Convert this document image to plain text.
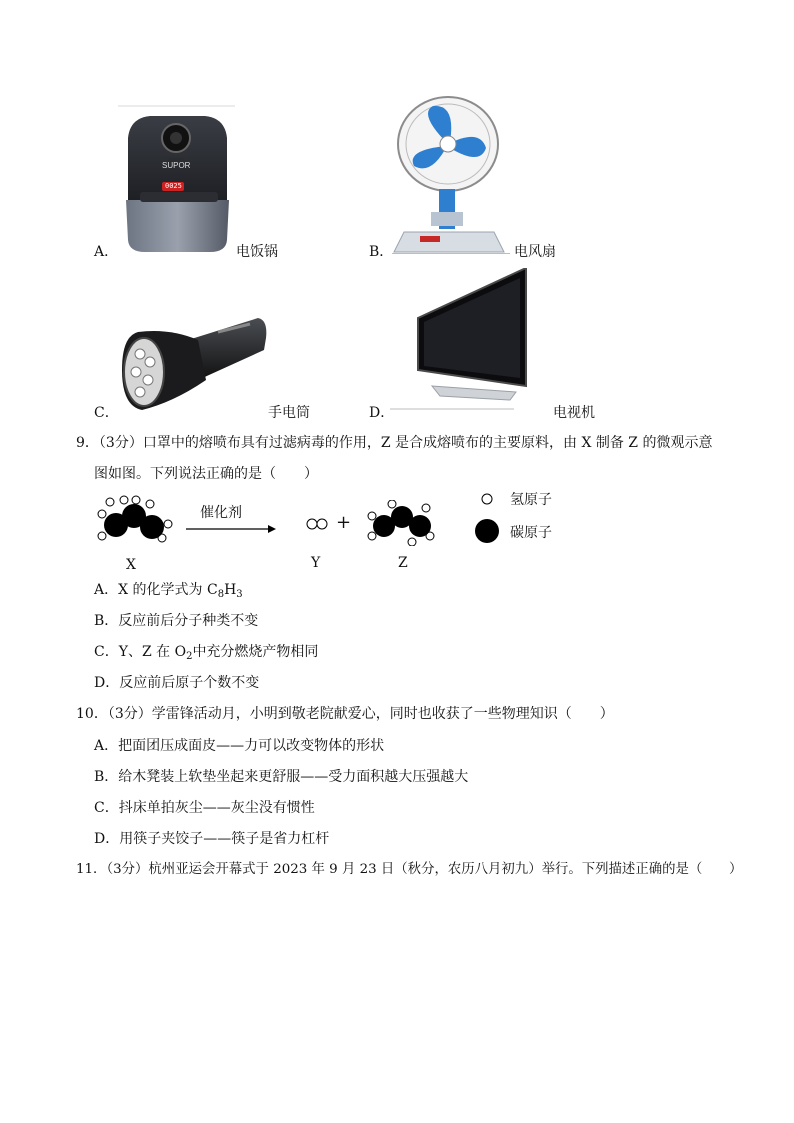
SUPOR
0025
A．	电饭锅	B．	电风扇
C．	手电筒	D．	电视机
9．（3分）口罩中的熔喷布具有过滤病毒的作用，Z 是合成熔喷布的主要原料，由 X 制备 Z 的微观示意
图如图。下列说法正确的是（　　）
X
催化剂
Y
+
Z
氢原子
碳原子
A．X 的化学式为 $C_8H_3$
B．反应前后分子种类不变
C．Y、Z 在 $O_2$中充分燃烧产物相同
D．反应前后原子个数不变
10．（3分）学雷锋活动月，小明到敬老院献爱心，同时也收获了一些物理知识（　　）
A．把面团压成面皮——力可以改变物体的形状
B．给木凳装上软垫坐起来更舒服——受力面积越大压强越大
C．抖床单拍灰尘——灰尘没有惯性
D．用筷子夹饺子——筷子是省力杠杆
11．（3分）杭州亚运会开幕式于 2023 年 9 月 23 日（秋分，农历八月初九）举行。下列描述正确的是（　　）
